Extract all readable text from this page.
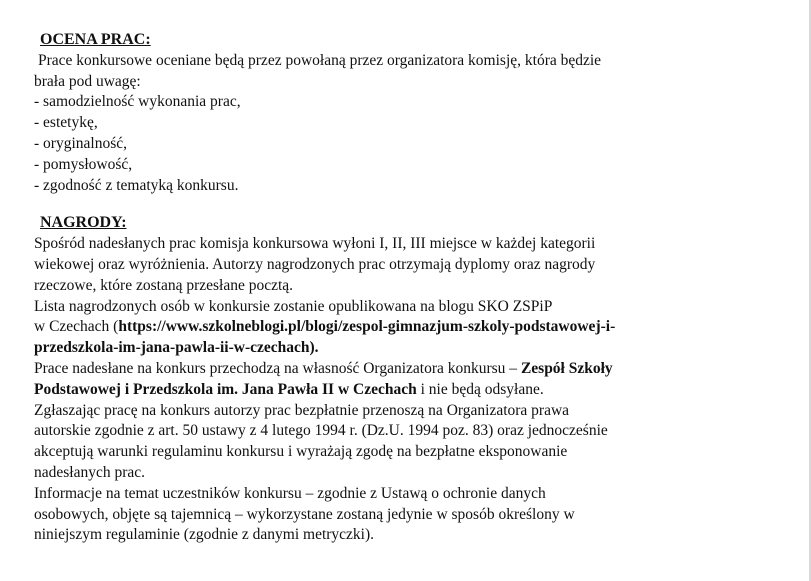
OCENA PRAC:
Prace konkursowe oceniane będą przez powołaną przez organizatora komisję, która będzie
brała pod uwagę:
- samodzielność wykonania prac,
- estetykę,
- oryginalność,
- pomysłowość,
- zgodność z tematyką konkursu.
NAGRODY:
Spośród nadesłanych prac komisja konkursowa wyłoni I, II, III miejsce w każdej kategorii
wiekowej oraz wyróżnienia. Autorzy nagrodzonych prac otrzymają dyplomy oraz nagrody
rzeczowe, które zostaną przesłane pocztą.
Lista nagrodzonych osób w konkursie zostanie opublikowana na blogu SKO ZSPiP
w Czechach (https://www.szkolneblogi.pl/blogi/zespol-gimnazjum-szkoly-podstawowej-i-
przedszkola-im-jana-pawla-ii-w-czechach).
Prace nadesłane na konkurs przechodzą na własność Organizatora konkursu – Zespół Szkoły
Podstawowej i Przedszkola im. Jana Pawła II w Czechach i nie będą odsyłane.
Zgłaszając pracę na konkurs autorzy prac bezpłatnie przenoszą na Organizatora prawa
autorskie zgodnie z art. 50 ustawy z 4 lutego 1994 r. (Dz.U. 1994 poz. 83) oraz jednocześnie
akceptują warunki regulaminu konkursu i wyrażają zgodę na bezpłatne eksponowanie
nadesłanych prac.
Informacje na temat uczestników konkursu – zgodnie z Ustawą o ochronie danych
osobowych, objęte są tajemnicą – wykorzystane zostaną jedynie w sposób określony w
niniejszym regulaminie (zgodnie z danymi metryczki).
